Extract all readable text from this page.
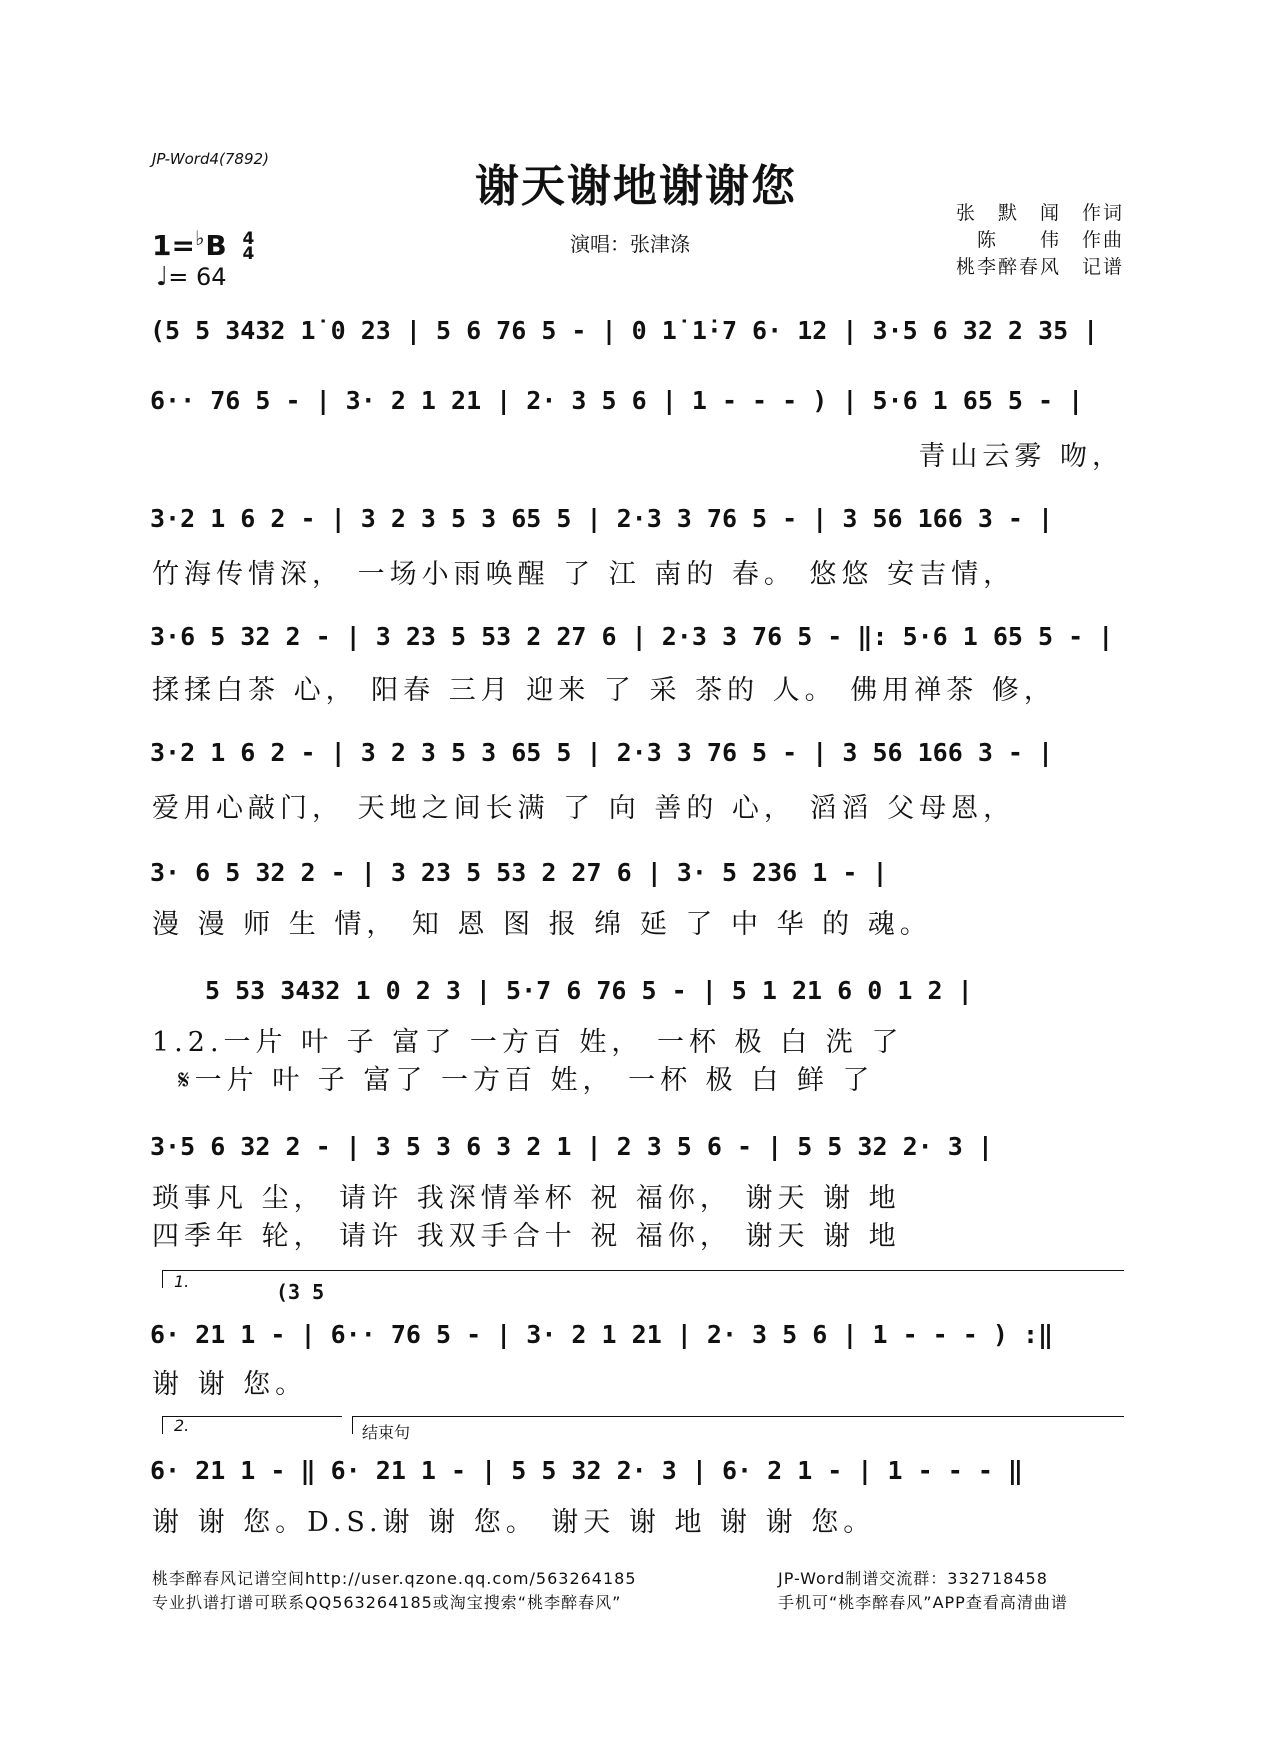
JP-Word4(7892)
谢天谢地谢谢您
1=♭B 4
4
♩= 64
演唱：张津涤
张　默　闻　作词
陈　　伟　作曲
桃李醉春风　记谱
(5 5 3432 1̇ 0 23 | 5 6 76 5 - | 0 1̇ 1̇·7 6· 12 | 3·5 6 32 2 35 |
6·· 76 5 - | 3· 2 1 21 | 2· 3 5 6 | 1 - - - ) | 5·6 1 65 5 - |
青山云雾 吻，
3·2 1 6 2 - | 3 2 3 5 3 65 5 | 2·3 3 76 5 - | 3 56 166 3 - |
竹海传情深， 一场小雨唤醒 了 江 南的 春。 悠悠 安吉情，
3·6 5 32 2 - | 3 23 5 53 2 27 6 | 2·3 3 76 5 - ‖: 5·6 1 65 5 - |
揉揉白茶 心， 阳春 三月 迎来 了 采 茶的 人。 佛用禅茶 修，
3·2 1 6 2 - | 3 2 3 5 3 65 5 | 2·3 3 76 5 - | 3 56 166 3 - |
爱用心敲门， 天地之间长满 了 向 善的 心， 滔滔 父母恩，
3· 6 5 32 2 - | 3 23 5 53 2 27 6 | 3· 5 236 1 - |
漫 漫 师 生 情， 知 恩 图 报 绵 延 了 中 华 的 魂。
5 53 3432 1 0 2 3 | 5·7 6 76 5 - | 5 1 21 6 0 1 2 |
1.2.一片 叶 子 富了 一方百 姓， 一杯 极 白 洗 了
𝄋一片 叶 子 富了 一方百 姓， 一杯 极 白 鲜 了
3·5 6 32 2 - | 3 5 3 6 3 2 1 | 2 3 5 6 - | 5 5 32 2· 3 |
琐事凡 尘， 请许 我深情举杯 祝 福你， 谢天 谢 地
四季年 轮， 请许 我双手合十 祝 福你， 谢天 谢 地
1.	(3 5
6· 21 1 - | 6·· 76 5 - | 3· 2 1 21 | 2· 3 5 6 | 1 - - - ) :‖
谢 谢 您。
2.	结束句
6· 21 1 - ‖ 6· 21 1 - | 5 5 32 2· 3 | 6· 2 1 - | 1 - - - ‖
谢 谢 您。D.S.谢 谢 您。 谢天 谢 地 谢 谢 您。
桃李醉春风记谱空间http://user.qzone.qq.com/563264185
专业扒谱打谱可联系QQ563264185或淘宝搜索“桃李醉春风”
JP-Word制谱交流群：332718458
手机可“桃李醉春风”APP查看高清曲谱
